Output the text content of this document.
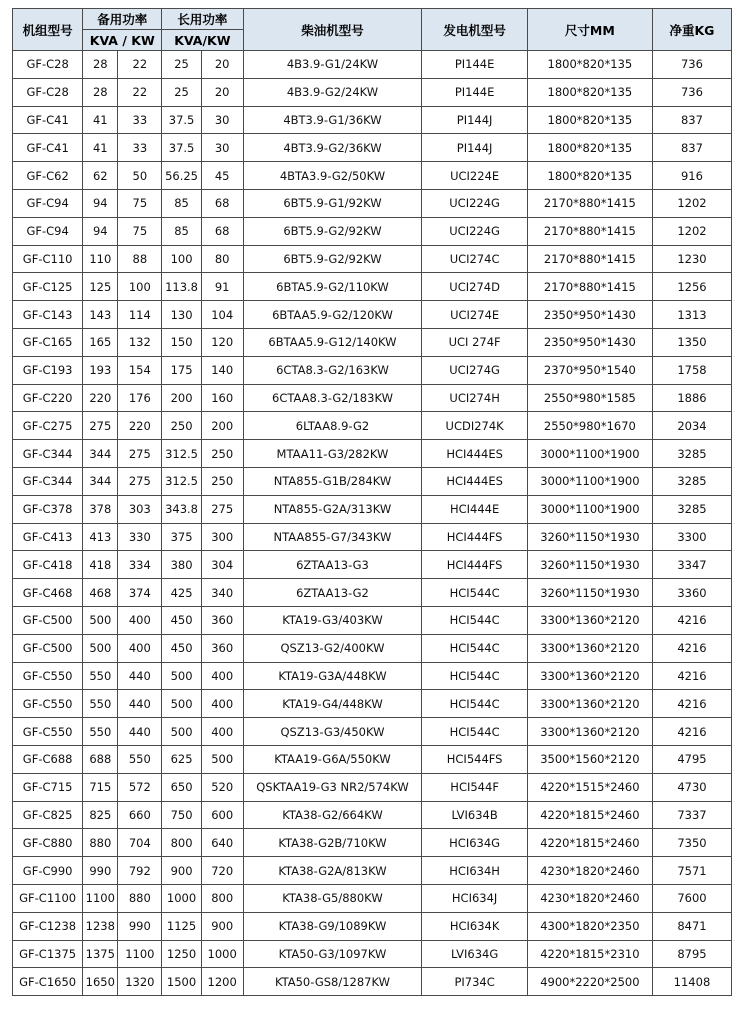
机组型号	备用功率		长用功率		柴油机型号	发电机型号	尺寸MM	净重KG
	KVA / KW		KVA/KW					
GF-C28	28	22	25	20	4B3.9-G1/24KW	PI144E	1800*820*135	736
GF-C28	28	22	25	20	4B3.9-G2/24KW	PI144E	1800*820*135	736
GF-C41	41	33	37.5	30	4BT3.9-G1/36KW	PI144J	1800*820*135	837
GF-C41	41	33	37.5	30	4BT3.9-G2/36KW	PI144J	1800*820*135	837
GF-C62	62	50	56.25	45	4BTA3.9-G2/50KW	UCI224E	1800*820*135	916
GF-C94	94	75	85	68	6BT5.9-G1/92KW	UCI224G	2170*880*1415	1202
GF-C94	94	75	85	68	6BT5.9-G2/92KW	UCI224G	2170*880*1415	1202
GF-C110	110	88	100	80	6BT5.9-G2/92KW	UCI274C	2170*880*1415	1230
GF-C125	125	100	113.8	91	6BTA5.9-G2/110KW	UCI274D	2170*880*1415	1256
GF-C143	143	114	130	104	6BTAA5.9-G2/120KW	UCI274E	2350*950*1430	1313
GF-C165	165	132	150	120	6BTAA5.9-G12/140KW	UCI 274F	2350*950*1430	1350
GF-C193	193	154	175	140	6CTA8.3-G2/163KW	UCI274G	2370*950*1540	1758
GF-C220	220	176	200	160	6CTAA8.3-G2/183KW	UCI274H	2550*980*1585	1886
GF-C275	275	220	250	200	6LTAA8.9-G2	UCDI274K	2550*980*1670	2034
GF-C344	344	275	312.5	250	MTAA11-G3/282KW	HCI444ES	3000*1100*1900	3285
GF-C344	344	275	312.5	250	NTA855-G1B/284KW	HCI444ES	3000*1100*1900	3285
GF-C378	378	303	343.8	275	NTA855-G2A/313KW	HCI444E	3000*1100*1900	3285
GF-C413	413	330	375	300	NTAA855-G7/343KW	HCI444FS	3260*1150*1930	3300
GF-C418	418	334	380	304	6ZTAA13-G3	HCI444FS	3260*1150*1930	3347
GF-C468	468	374	425	340	6ZTAA13-G2	HCI544C	3260*1150*1930	3360
GF-C500	500	400	450	360	KTA19-G3/403KW	HCI544C	3300*1360*2120	4216
GF-C500	500	400	450	360	QSZ13-G2/400KW	HCI544C	3300*1360*2120	4216
GF-C550	550	440	500	400	KTA19-G3A/448KW	HCI544C	3300*1360*2120	4216
GF-C550	550	440	500	400	KTA19-G4/448KW	HCI544C	3300*1360*2120	4216
GF-C550	550	440	500	400	QSZ13-G3/450KW	HCI544C	3300*1360*2120	4216
GF-C688	688	550	625	500	KTAA19-G6A/550KW	HCI544FS	3500*1560*2120	4795
GF-C715	715	572	650	520	QSKTAA19-G3 NR2/574KW	HCI544F	4220*1515*2460	4730
GF-C825	825	660	750	600	KTA38-G2/664KW	LVI634B	4220*1815*2460	7337
GF-C880	880	704	800	640	KTA38-G2B/710KW	HCI634G	4220*1815*2460	7350
GF-C990	990	792	900	720	KTA38-G2A/813KW	HCI634H	4230*1820*2460	7571
GF-C1100	1100	880	1000	800	KTA38-G5/880KW	HCI634J	4230*1820*2460	7600
GF-C1238	1238	990	1125	900	KTA38-G9/1089KW	HCI634K	4300*1820*2350	8471
GF-C1375	1375	1100	1250	1000	KTA50-G3/1097KW	LVI634G	4220*1815*2310	8795
GF-C1650	1650	1320	1500	1200	KTA50-GS8/1287KW	PI734C	4900*2220*2500	11408
